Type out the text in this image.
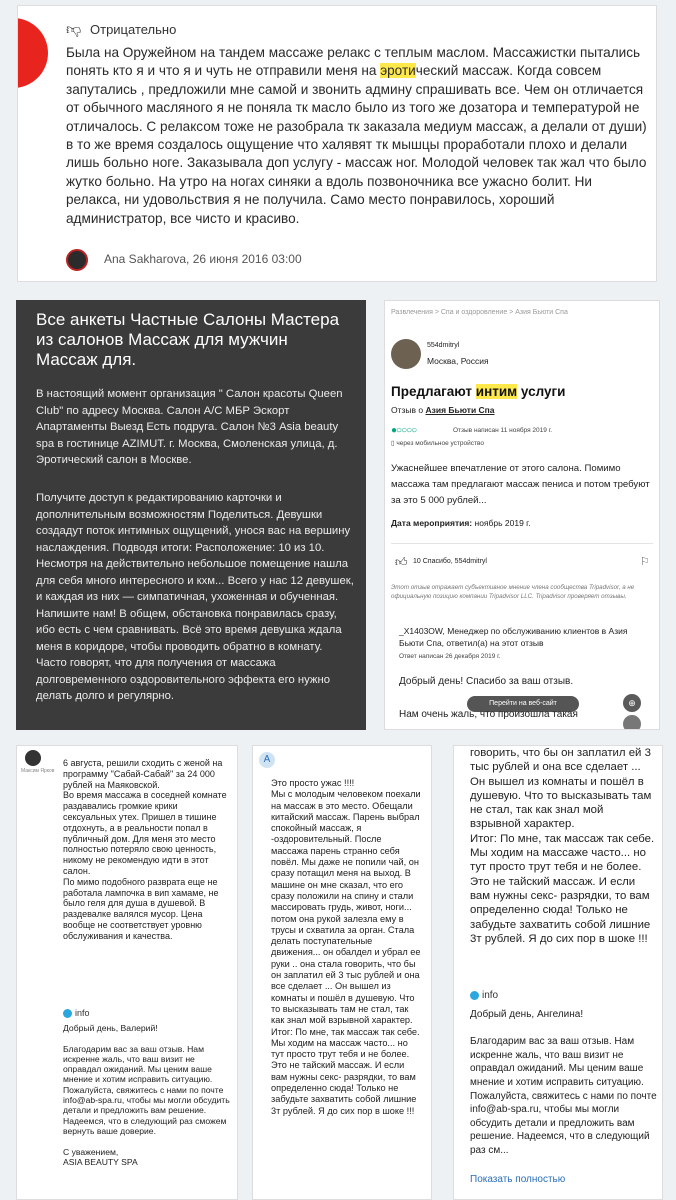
👎︎ Отрицательно

Была на Оружейном на тандем массаже релакс с теплым маслом. Массажистки пытались понять кто я и что я и чуть не отправили меня на эротический массаж. Когда совсем запутались , предложили мне самой и звонить админу спрашивать все. Чем он отличается от обычного масляного я не поняла тк масло было из того же дозатора и температурой не отличалось. С релаксом тоже не разобрала тк заказала медиум массаж, а делали от души) в то же время создалось ощущение что халявят тк мышцы проработали плохо и делали лишь больно ноге. Заказывала доп услугу - массаж ног. Молодой человек так жал что было жутко больно. На утро на ногах синяки а вдоль позвоночника все ужасно болит. Ни релакса, ни удовольствия я не получила. Само место понравилось, хороший администратор, все чисто и красиво.

Ana Sakharova, 26 июня 2016 03:00

Все анкеты Частные Салоны Мастера из салонов Массаж для мужчин Массаж для.

В настоящий момент организация " Салон красоты Queen Club" по адресу Москва. Салон А/С МБР Эскорт Апартаменты Выезд Есть подруга. Салон №3 Asia beauty spa в гостинице AZIMUT. г. Москва, Смоленская улица, д. Эротический салон в Москве.

Получите доступ к редактированию карточки и дополнительным возможностям Поделиться. Девушки создадут поток интимных ощущений, унося вас на вершину наслаждения. Подводя итоги: Расположение: 10 из 10. Несмотря на действительно небольшое помещение нашла для себя много интересного и кхм... Всего у нас 12 девушек, и каждая из них — симпатичная, ухоженная и обученная. Напишите нам! В общем, обстановка понравилась сразу, ибо есть с чем сравнивать. Всё это время девушка ждала меня в коридоре, чтобы проводить обратно в комнату. Часто говорят, что для получения от массажа долговременного оздоровительного эффекта его нужно делать долго и регулярно.

Развлечения > Спа и оздоровление > Азия Бьюти Спа
554dmitryl
Москва, Россия
Предлагают интим услуги
Отзыв о Азия Бьюти Спа
●○○○○	Отзыв написан 11 ноября 2019 г.
▯ через мобильное устройство

Ужаснейшее впечатление от этого салона. Помимо массажа там предлагают массаж пениса и потом требуют за это 5 000 рублей...

Дата мероприятия: ноябрь 2019 г.
👍︎ 10 Спасибо, 554dmitryl	⚐

Этот отзыв отражает субъективное мнение члена сообщества Tripadvisor, а не официальную позицию компании Tripadvisor LLC. Tripadvisor проверяет отзывы.

_X1403OW, Менеджер по обслуживанию клиентов в Азия Бьюти Спа, ответил(а) на этот отзыв

Ответ написан 26 декабря 2019 г.
Добрый день! Спасибо за ваш отзыв.
Перейти на веб-сайт	⊕
Нам очень жаль, что произошла такая
Максим Ярков

6 августа, решили сходить с женой на программу "Сабай-Сабай" за 24 000 рублей на Маяковской.
Во время массажа в соседней комнате раздавались громкие крики сексуальных утех. Пришел в тишине отдохнуть, а в реальности попал в публичный дом. Для меня это место полностью потеряло свою ценность, никому не рекомендую идти в этот салон.
По мимо подобного разврата еще не работала лампочка в вип хамаме, не было геля для душа в душевой. В раздевалке валялся мусор. Цена вообще не соответствует уровню обслуживания и качества.

info

Добрый день, Валерий!

Благодарим вас за ваш отзыв. Нам искренне жаль, что ваш визит не оправдал ожиданий. Мы ценим ваше мнение и хотим исправить ситуацию. Пожалуйста, свяжитесь с нами по почте info@ab-spa.ru, чтобы мы могли обсудить детали и предложить вам решение. Надеемся, что в следующий раз сможем вернуть ваше доверие.

С уважением,
ASIA BEAUTY SPA

A

Это просто ужас !!!!
Мы с молодым человеком поехали на массаж в это место. Обещали китайский массаж. Парень выбрал спокойный массаж, я -оздоровительный. После массажа парень странно себя повёл. Мы даже не попили чай, он сразу потащил меня на выход. В машине он мне сказал, что его сразу положили на спину и стали массировать грудь, живот, ноги... потом она рукой залезла ему в трусы и схватила за орган. Стала делать поступательные движения... он обалдел и убрал ее руки .. она стала говорить, что бы он заплатил ей 3 тыс рублей и она все сделает ... Он вышел из комнаты и пошёл в душевую. Что то высказывать там не стал, так как знал мой взрывной характер.
Итог: По мне, так массаж так себе. Мы ходим на массаж часто... но тут просто трут тебя и не более. Это не тайский массаж. И если вам нужны секс- разрядки, то вам определенно сюда! Только не забудьте захватить собой лишние 3т рублей. Я до сих пор в шоке !!!

говорить, что бы он заплатил ей 3 тыс рублей и она все сделает ... Он вышел из комнаты и пошёл в душевую. Что то высказывать там не стал, так как знал мой взрывной характер.
Итог: По мне, так массаж так себе. Мы ходим на массаже часто... но тут просто трут тебя и не более. Это не тайский массаж. И если вам нужны секс- разрядки, то вам определенно сюда! Только не забудьте захватить собой лишние 3т рублей. Я до сих пор в шоке !!!

info

Добрый день, Ангелина!

Благодарим вас за ваш отзыв. Нам искренне жаль, что ваш визит не оправдал ожиданий. Мы ценим ваше мнение и хотим исправить ситуацию. Пожалуйста, свяжитесь с нами по почте info@ab-spa.ru, чтобы мы могли обсудить детали и предложить вам решение. Надеемся, что в следующий раз см...

Показать полностью
